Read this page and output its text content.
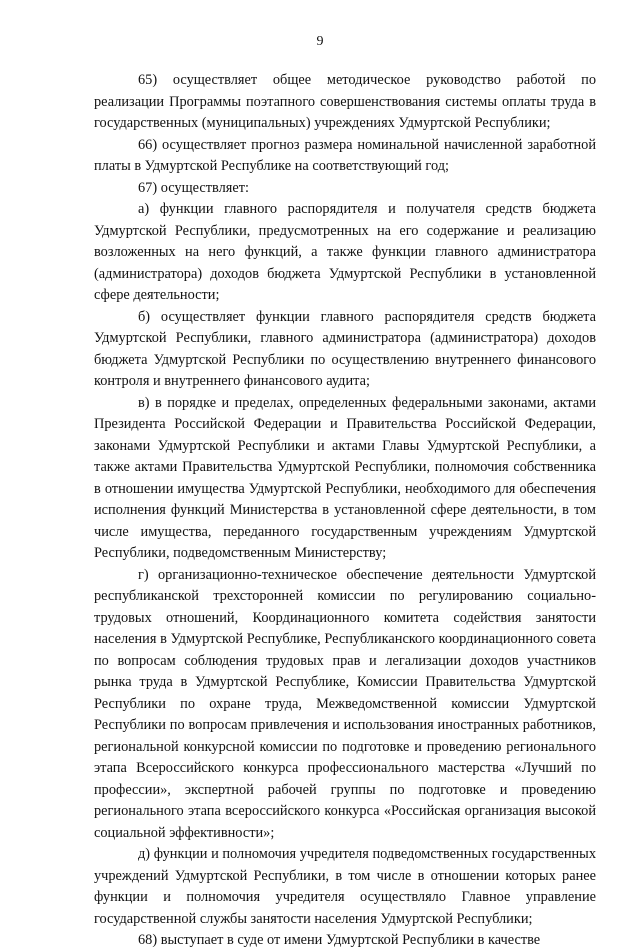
9

65) осуществляет общее методическое руководство работой по реализации Программы поэтапного совершенствования системы оплаты труда в государственных (муниципальных) учреждениях Удмуртской Республики;

66) осуществляет прогноз размера номинальной начисленной заработной платы в Удмуртской Республике на соответствующий год;

67) осуществляет:

а) функции главного распорядителя и получателя средств бюджета Удмуртской Республики, предусмотренных на его содержание и реализацию возложенных на него функций, а также функции главного администратора (администратора) доходов бюджета Удмуртской Республики в установленной сфере деятельности;

б) осуществляет функции главного распорядителя средств бюджета Удмуртской Республики, главного администратора (администратора) доходов бюджета Удмуртской Республики по осуществлению внутреннего финансового контроля и внутреннего финансового аудита;

в) в порядке и пределах, определенных федеральными законами, актами Президента Российской Федерации и Правительства Российской Федерации, законами Удмуртской Республики и актами Главы Удмуртской Республики, а также актами Правительства Удмуртской Республики, полномочия собственника в отношении имущества Удмуртской Республики, необходимого для обеспечения исполнения функций Министерства в установленной сфере деятельности, в том числе имущества, переданного государственным учреждениям Удмуртской Республики, подведомственным Министерству;

г) организационно-техническое обеспечение деятельности Удмуртской республиканской трехсторонней комиссии по регулированию социально-трудовых отношений, Координационного комитета содействия занятости населения в Удмуртской Республике, Республиканского координационного совета по вопросам соблюдения трудовых прав и легализации доходов участников рынка труда в Удмуртской Республике, Комиссии Правительства Удмуртской Республики по охране труда, Межведомственной комиссии Удмуртской Республики по вопросам привлечения и использования иностранных работников, региональной конкурсной комиссии по подготовке и проведению регионального этапа Всероссийского конкурса профессионального мастерства «Лучший по профессии», экспертной рабочей группы по подготовке и проведению регионального этапа всероссийского конкурса «Российская организация высокой социальной эффективности»;

д) функции и полномочия учредителя подведомственных государственных учреждений Удмуртской Республики, в том числе в отношении которых ранее функции и полномочия учредителя осуществляло Главное управление государственной службы занятости населения Удмуртской Республики;

68) выступает в суде от имени Удмуртской Республики в качестве
